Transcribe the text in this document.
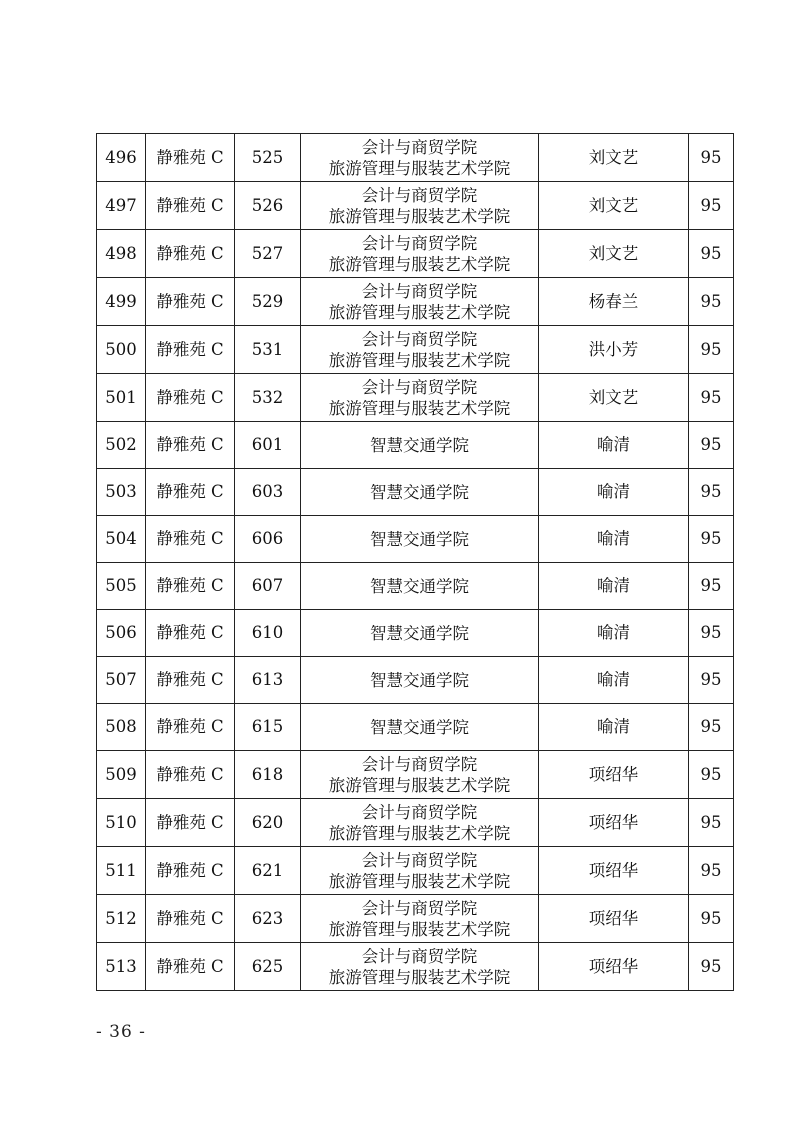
496	静雅苑 C	525	会计与商贸学院
旅游管理与服装艺术学院	刘文艺	95
497	静雅苑 C	526	会计与商贸学院
旅游管理与服装艺术学院	刘文艺	95
498	静雅苑 C	527	会计与商贸学院
旅游管理与服装艺术学院	刘文艺	95
499	静雅苑 C	529	会计与商贸学院
旅游管理与服装艺术学院	杨春兰	95
500	静雅苑 C	531	会计与商贸学院
旅游管理与服装艺术学院	洪小芳	95
501	静雅苑 C	532	会计与商贸学院
旅游管理与服装艺术学院	刘文艺	95
502	静雅苑 C	601	智慧交通学院	喻清	95
503	静雅苑 C	603	智慧交通学院	喻清	95
504	静雅苑 C	606	智慧交通学院	喻清	95
505	静雅苑 C	607	智慧交通学院	喻清	95
506	静雅苑 C	610	智慧交通学院	喻清	95
507	静雅苑 C	613	智慧交通学院	喻清	95
508	静雅苑 C	615	智慧交通学院	喻清	95
509	静雅苑 C	618	会计与商贸学院
旅游管理与服装艺术学院	项绍华	95
510	静雅苑 C	620	会计与商贸学院
旅游管理与服装艺术学院	项绍华	95
511	静雅苑 C	621	会计与商贸学院
旅游管理与服装艺术学院	项绍华	95
512	静雅苑 C	623	会计与商贸学院
旅游管理与服装艺术学院	项绍华	95
513	静雅苑 C	625	会计与商贸学院
旅游管理与服装艺术学院	项绍华	95
- 36 -
